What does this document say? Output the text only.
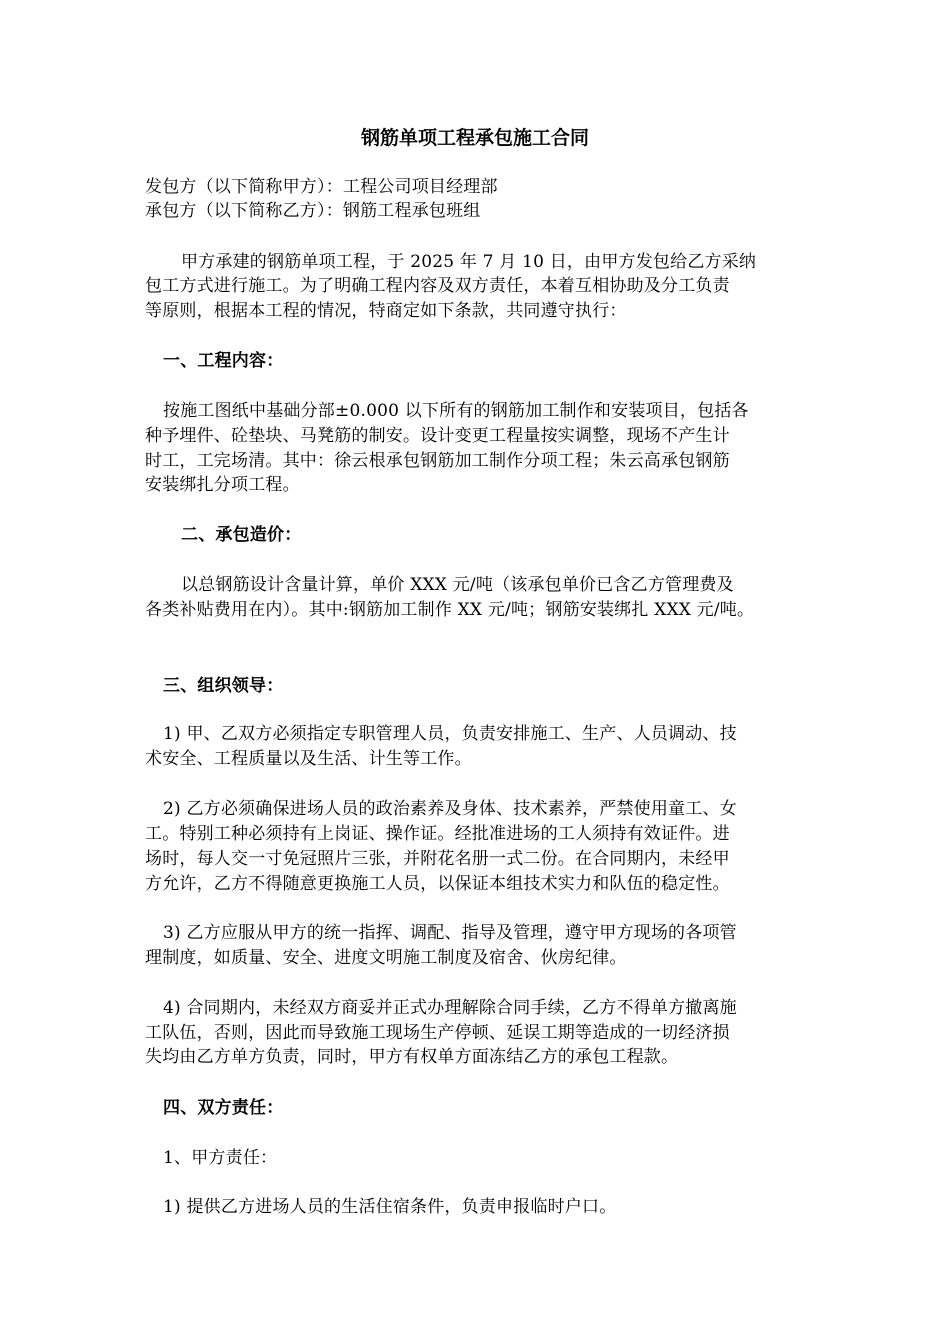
钢筋单项工程承包施工合同
发包方（以下简称甲方）：工程公司项目经理部
承包方（以下简称乙方）：钢筋工程承包班组
甲方承建的钢筋单项工程，于 2025 年 7 月 10 日，由甲方发包给乙方采纳
包工方式进行施工。为了明确工程内容及双方责任，本着互相协助及分工负责
等原则，根据本工程的情况，特商定如下条款，共同遵守执行：
一、工程内容：
按施工图纸中基础分部±0.000 以下所有的钢筋加工制作和安装项目，包括各
种予埋件、砼垫块、马凳筋的制安。设计变更工程量按实调整，现场不产生计
时工，工完场清。其中：徐云根承包钢筋加工制作分项工程；朱云高承包钢筋
安装绑扎分项工程。
二、承包造价：
以总钢筋设计含量计算，单价 XXX 元/吨（该承包单价已含乙方管理费及
各类补贴费用在内）。其中:钢筋加工制作 XX 元/吨；钢筋安装绑扎 XXX 元/吨。
三、组织领导：
1) 甲、乙双方必须指定专职管理人员，负责安排施工、生产、人员调动、技
术安全、工程质量以及生活、计生等工作。
2) 乙方必须确保进场人员的政治素养及身体、技术素养，严禁使用童工、女
工。特别工种必须持有上岗证、操作证。经批准进场的工人须持有效证件。进
场时，每人交一寸免冠照片三张，并附花名册一式二份。在合同期内，未经甲
方允许，乙方不得随意更换施工人员，以保证本组技术实力和队伍的稳定性。
3) 乙方应服从甲方的统一指挥、调配、指导及管理，遵守甲方现场的各项管
理制度，如质量、安全、进度文明施工制度及宿舍、伙房纪律。
4) 合同期内，未经双方商妥并正式办理解除合同手续，乙方不得单方撤离施
工队伍，否则，因此而导致施工现场生产停顿、延误工期等造成的一切经济损
失均由乙方单方负责，同时，甲方有权单方面冻结乙方的承包工程款。
四、双方责任：
1、甲方责任：
1) 提供乙方进场人员的生活住宿条件，负责申报临时户口。
